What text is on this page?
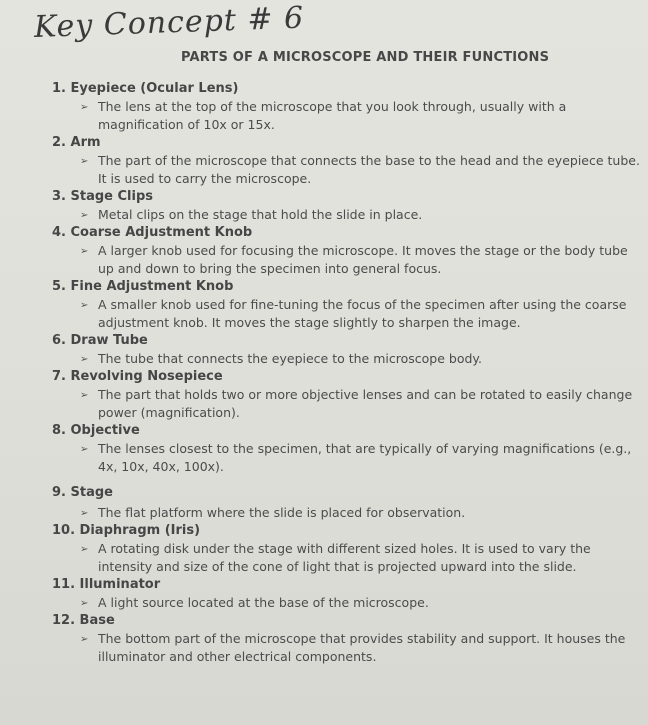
Key Concept # 6
PARTS OF A MICROSCOPE AND THEIR FUNCTIONS
1. Eyepiece (Ocular Lens)
➢ The lens at the top of the microscope that you look through, usually with a magnification of 10x or 15x.
2. Arm
➢ The part of the microscope that connects the base to the head and the eyepiece tube. It is used to carry the microscope.
3. Stage Clips
➢ Metal clips on the stage that hold the slide in place.
4. Coarse Adjustment Knob
➢ A larger knob used for focusing the microscope. It moves the stage or the body tube up and down to bring the specimen into general focus.
5. Fine Adjustment Knob
➢ A smaller knob used for fine-tuning the focus of the specimen after using the coarse adjustment knob. It moves the stage slightly to sharpen the image.
6. Draw Tube
➢ The tube that connects the eyepiece to the microscope body.
7. Revolving Nosepiece
➢ The part that holds two or more objective lenses and can be rotated to easily change power (magnification).
8. Objective
➢ The lenses closest to the specimen, that are typically of varying magnifications (e.g., 4x, 10x, 40x, 100x).
9. Stage
➢ The flat platform where the slide is placed for observation.
10. Diaphragm (Iris)
➢ A rotating disk under the stage with different sized holes. It is used to vary the intensity and size of the cone of light that is projected upward into the slide.
11. Illuminator
➢ A light source located at the base of the microscope.
12. Base
➢ The bottom part of the microscope that provides stability and support. It houses the illuminator and other electrical components.
